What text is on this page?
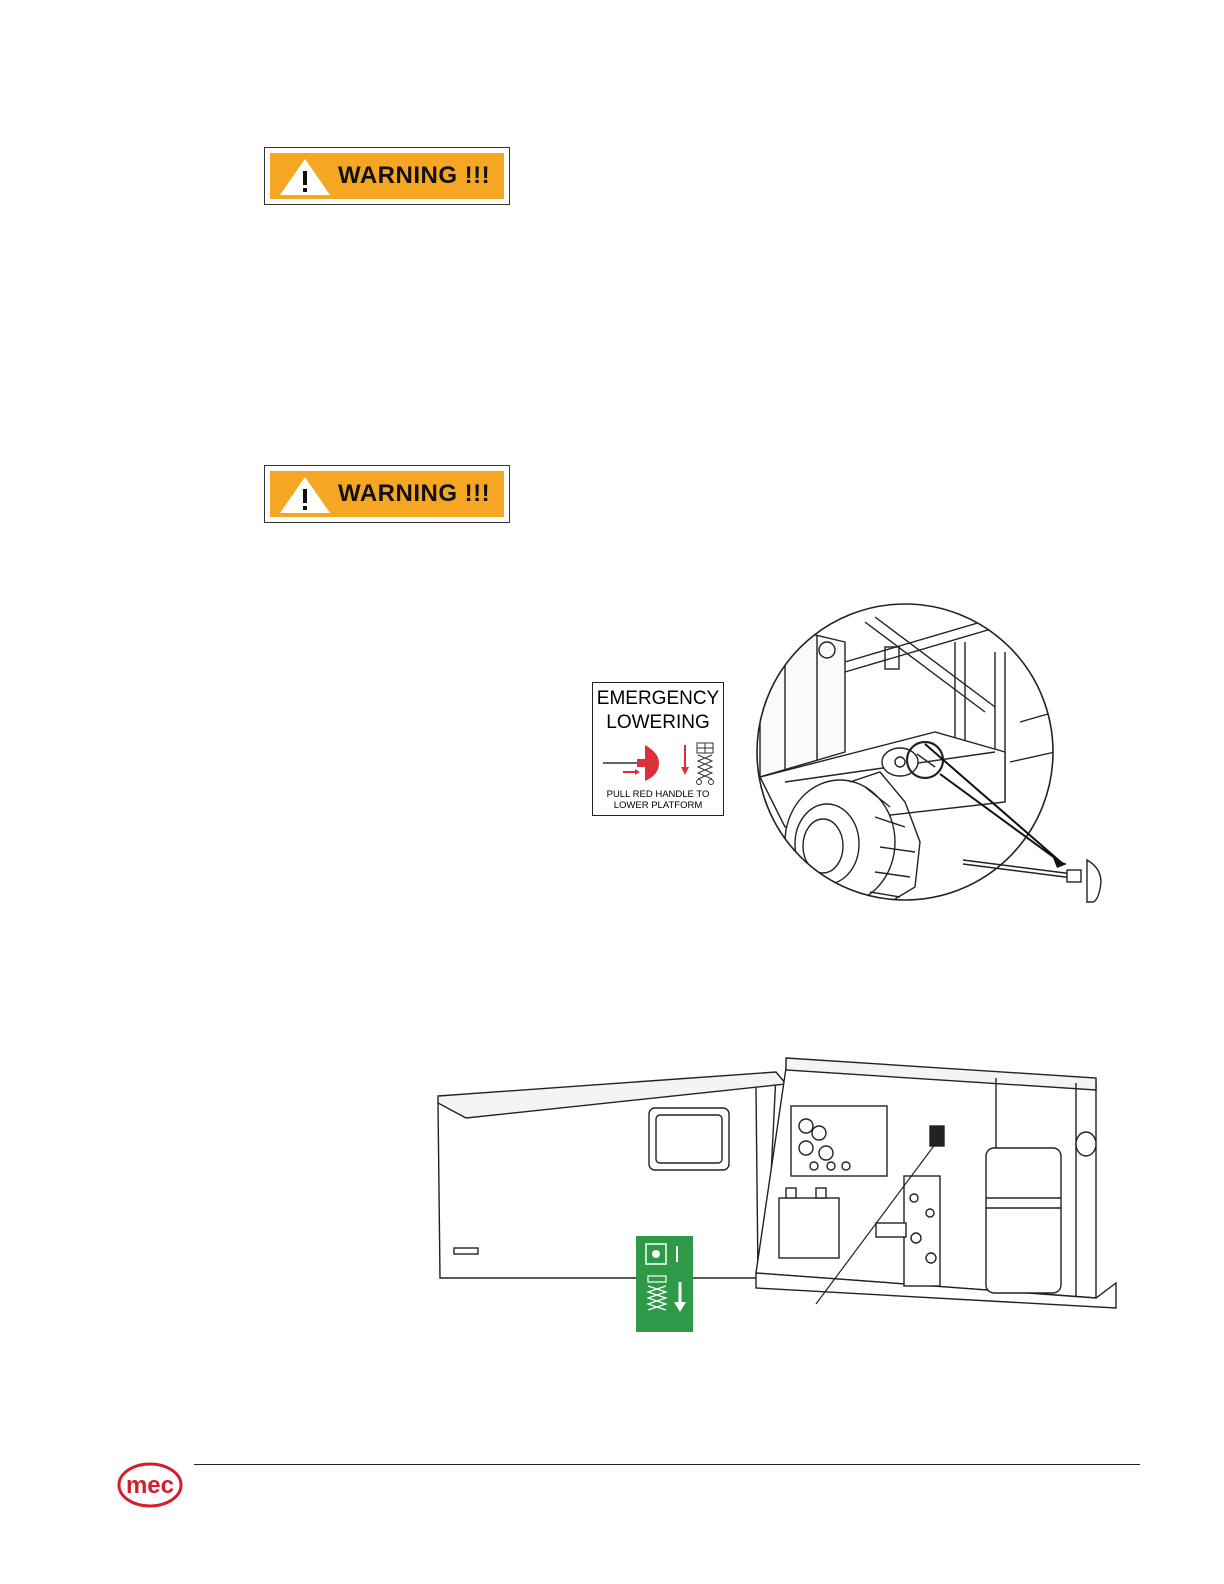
WARNING !!!
WARNING !!!
EMERGENCY
LOWERING
PULL RED HANDLE TO
LOWER PLATFORM
mec
